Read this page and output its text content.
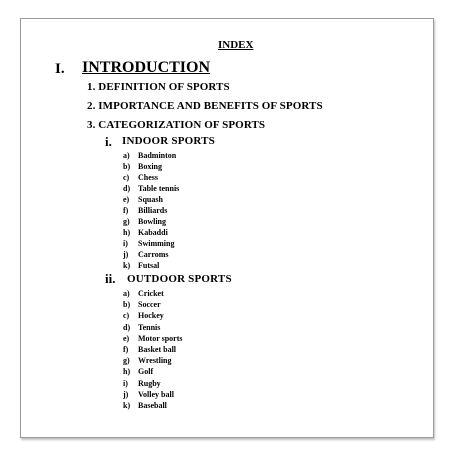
INDEX
I. INTRODUCTION
1. DEFINITION OF SPORTS
2. IMPORTANCE AND BENEFITS OF SPORTS
3. CATEGORIZATION OF SPORTS
i. INDOOR SPORTS
a) Badminton
b) Boxing
c) Chess
d) Table tennis
e) Squash
f) Billiards
g) Bowling
h) Kabaddi
i) Swimming
j) Carroms
k) Futsal
ii. OUTDOOR SPORTS
a) Cricket
b) Soccer
c) Hockey
d) Tennis
e) Motor sports
f) Basket ball
g) Wrestling
h) Golf
i) Rugby
j) Volley ball
k) Baseball
